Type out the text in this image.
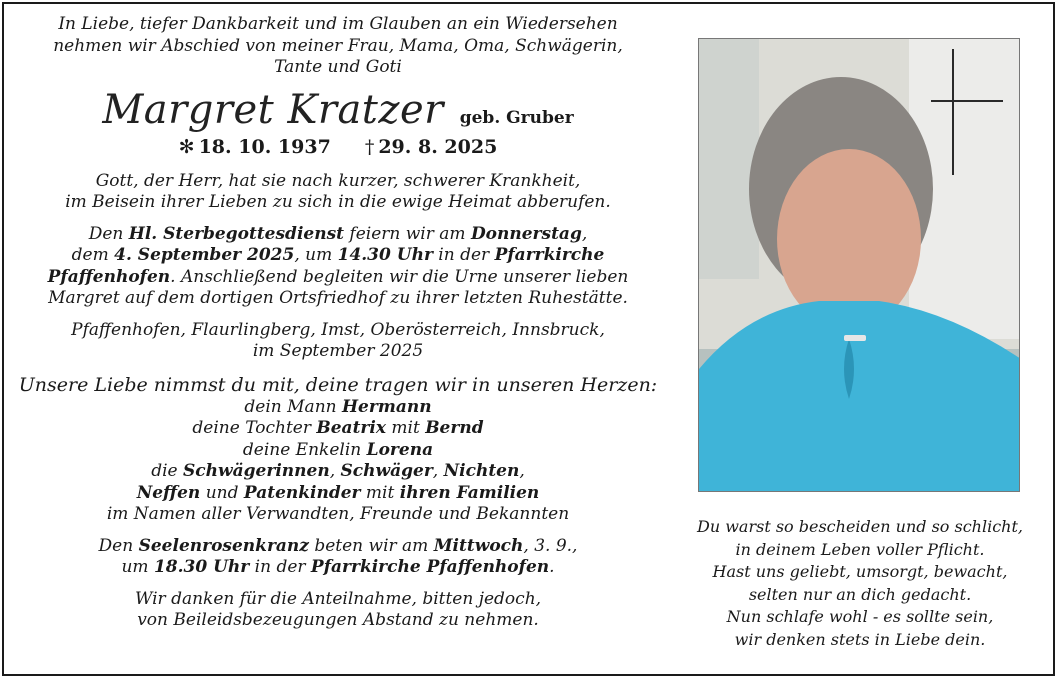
In Liebe, tiefer Dankbarkeit und im Glauben an ein Wiedersehen
nehmen wir Abschied von meiner Frau, Mama, Oma, Schwägerin,
Tante und Goti
Margret Kratzer geb. Gruber
✻ 18. 10. 1937 † 29. 8. 2025
Gott, der Herr, hat sie nach kurzer, schwerer Krankheit,
im Beisein ihrer Lieben zu sich in die ewige Heimat abberufen.
Den Hl. Sterbegottesdienst feiern wir am Donnerstag,
dem 4. September 2025, um 14.30 Uhr in der Pfarrkirche
Pfaffenhofen. Anschließend begleiten wir die Urne unserer lieben
Margret auf dem dortigen Ortsfriedhof zu ihrer letzten Ruhestätte.
Pfaffenhofen, Flaurlingberg, Imst, Oberösterreich, Innsbruck,
im September 2025
Unsere Liebe nimmst du mit, deine tragen wir in unseren Herzen:
dein Mann Hermann
deine Tochter Beatrix mit Bernd
deine Enkelin Lorena
die Schwägerinnen, Schwäger, Nichten,
Neffen und Patenkinder mit ihren Familien
im Namen aller Verwandten, Freunde und Bekannten
Den Seelenrosenkranz beten wir am Mittwoch, 3. 9.,
um 18.30 Uhr in der Pfarrkirche Pfaffenhofen.
Wir danken für die Anteilnahme, bitten jedoch,
von Beileidsbezeugungen Abstand zu nehmen.
Du warst so bescheiden und so schlicht,
in deinem Leben voller Pflicht.
Hast uns geliebt, umsorgt, bewacht,
selten nur an dich gedacht.
Nun schlafe wohl - es sollte sein,
wir denken stets in Liebe dein.
